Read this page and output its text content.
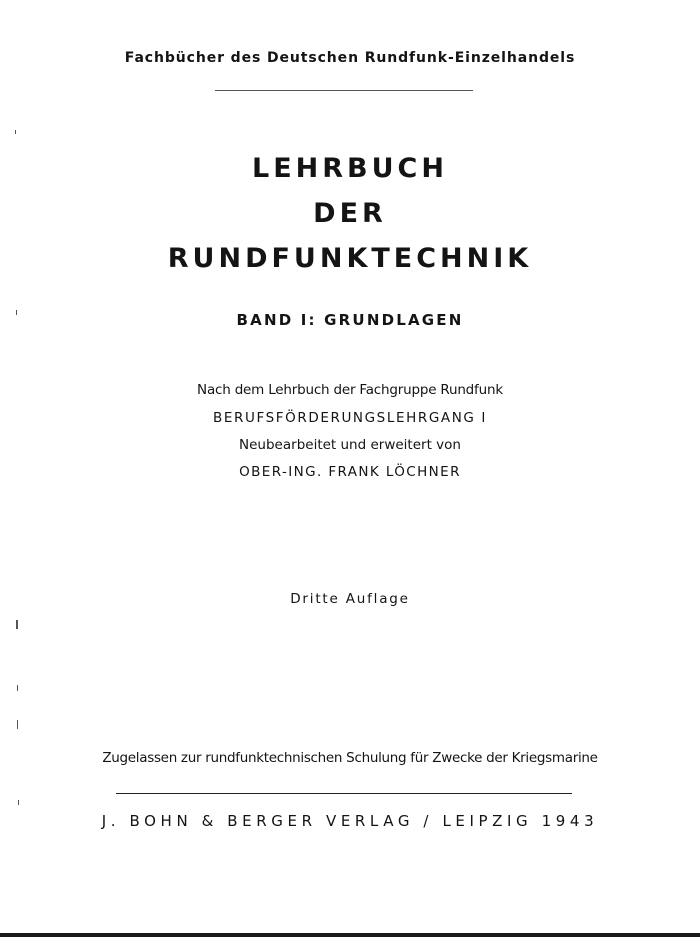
Fachbücher des Deutschen Rundfunk-Einzelhandels
LEHRBUCH
DER
RUNDFUNKTECHNIK
BAND I: GRUNDLAGEN
Nach dem Lehrbuch der Fachgruppe Rundfunk
BERUFSFÖRDERUNGSLEHRGANG I
Neubearbeitet und erweitert von
OBER-ING. FRANK LÖCHNER
Dritte Auflage
Zugelassen zur rundfunktechnischen Schulung für Zwecke der Kriegsmarine
J. BOHN & BERGER VERLAG / LEIPZIG 1943
